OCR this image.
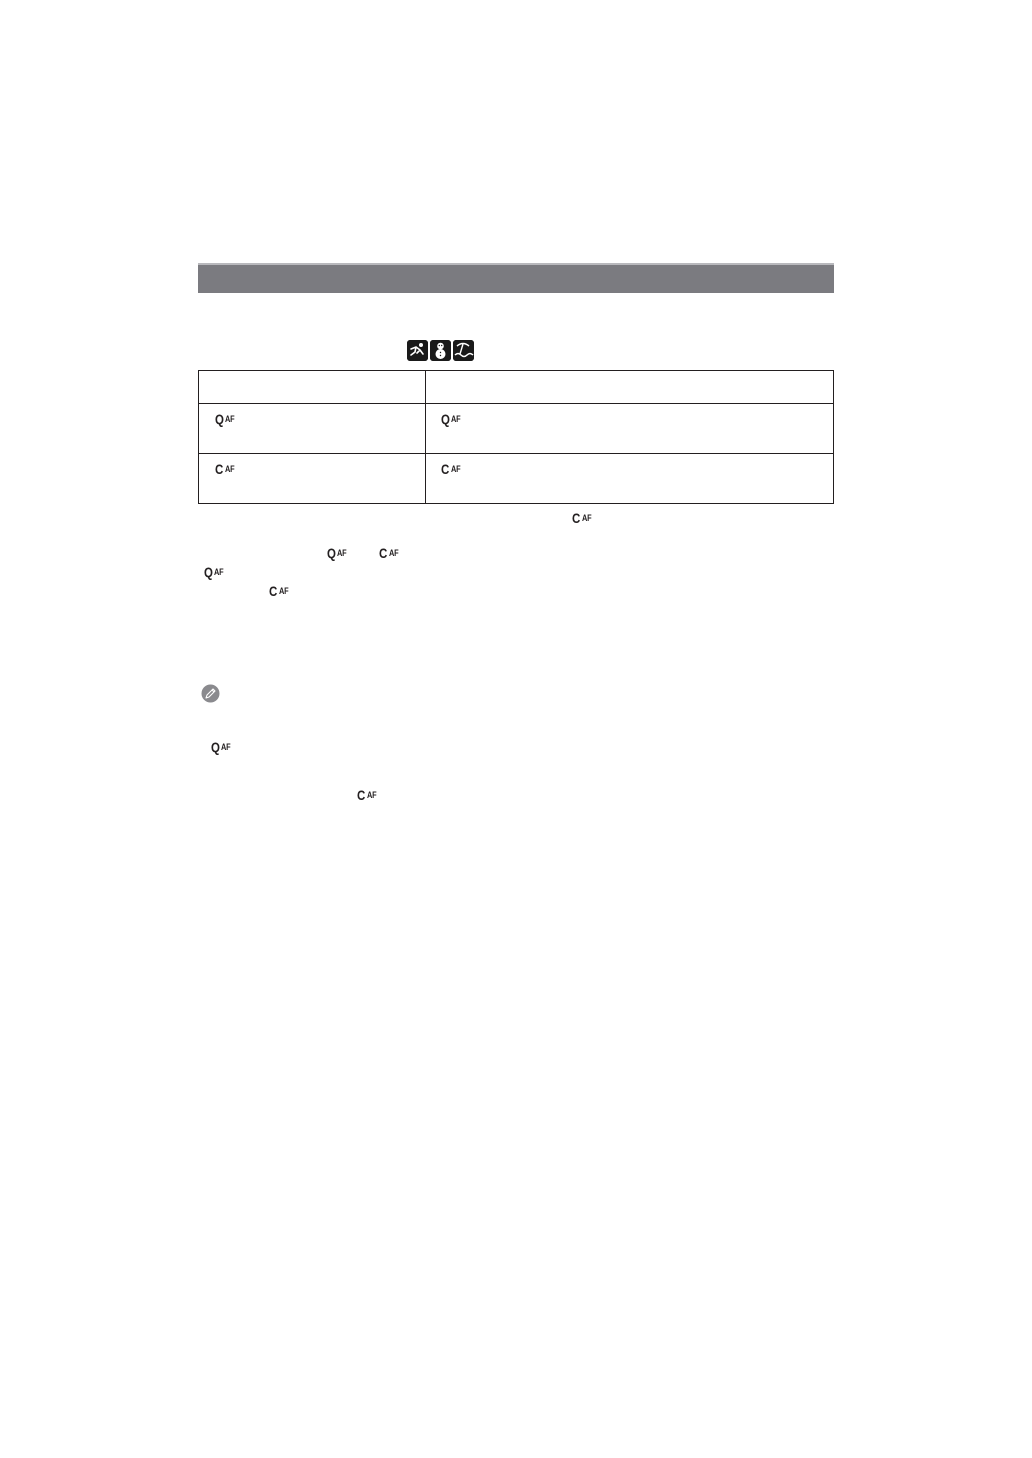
Q AF	Q AF
Q AF
Q AF
Q AF
C AF	C AF
C AF
C AF
C AF
C AF
